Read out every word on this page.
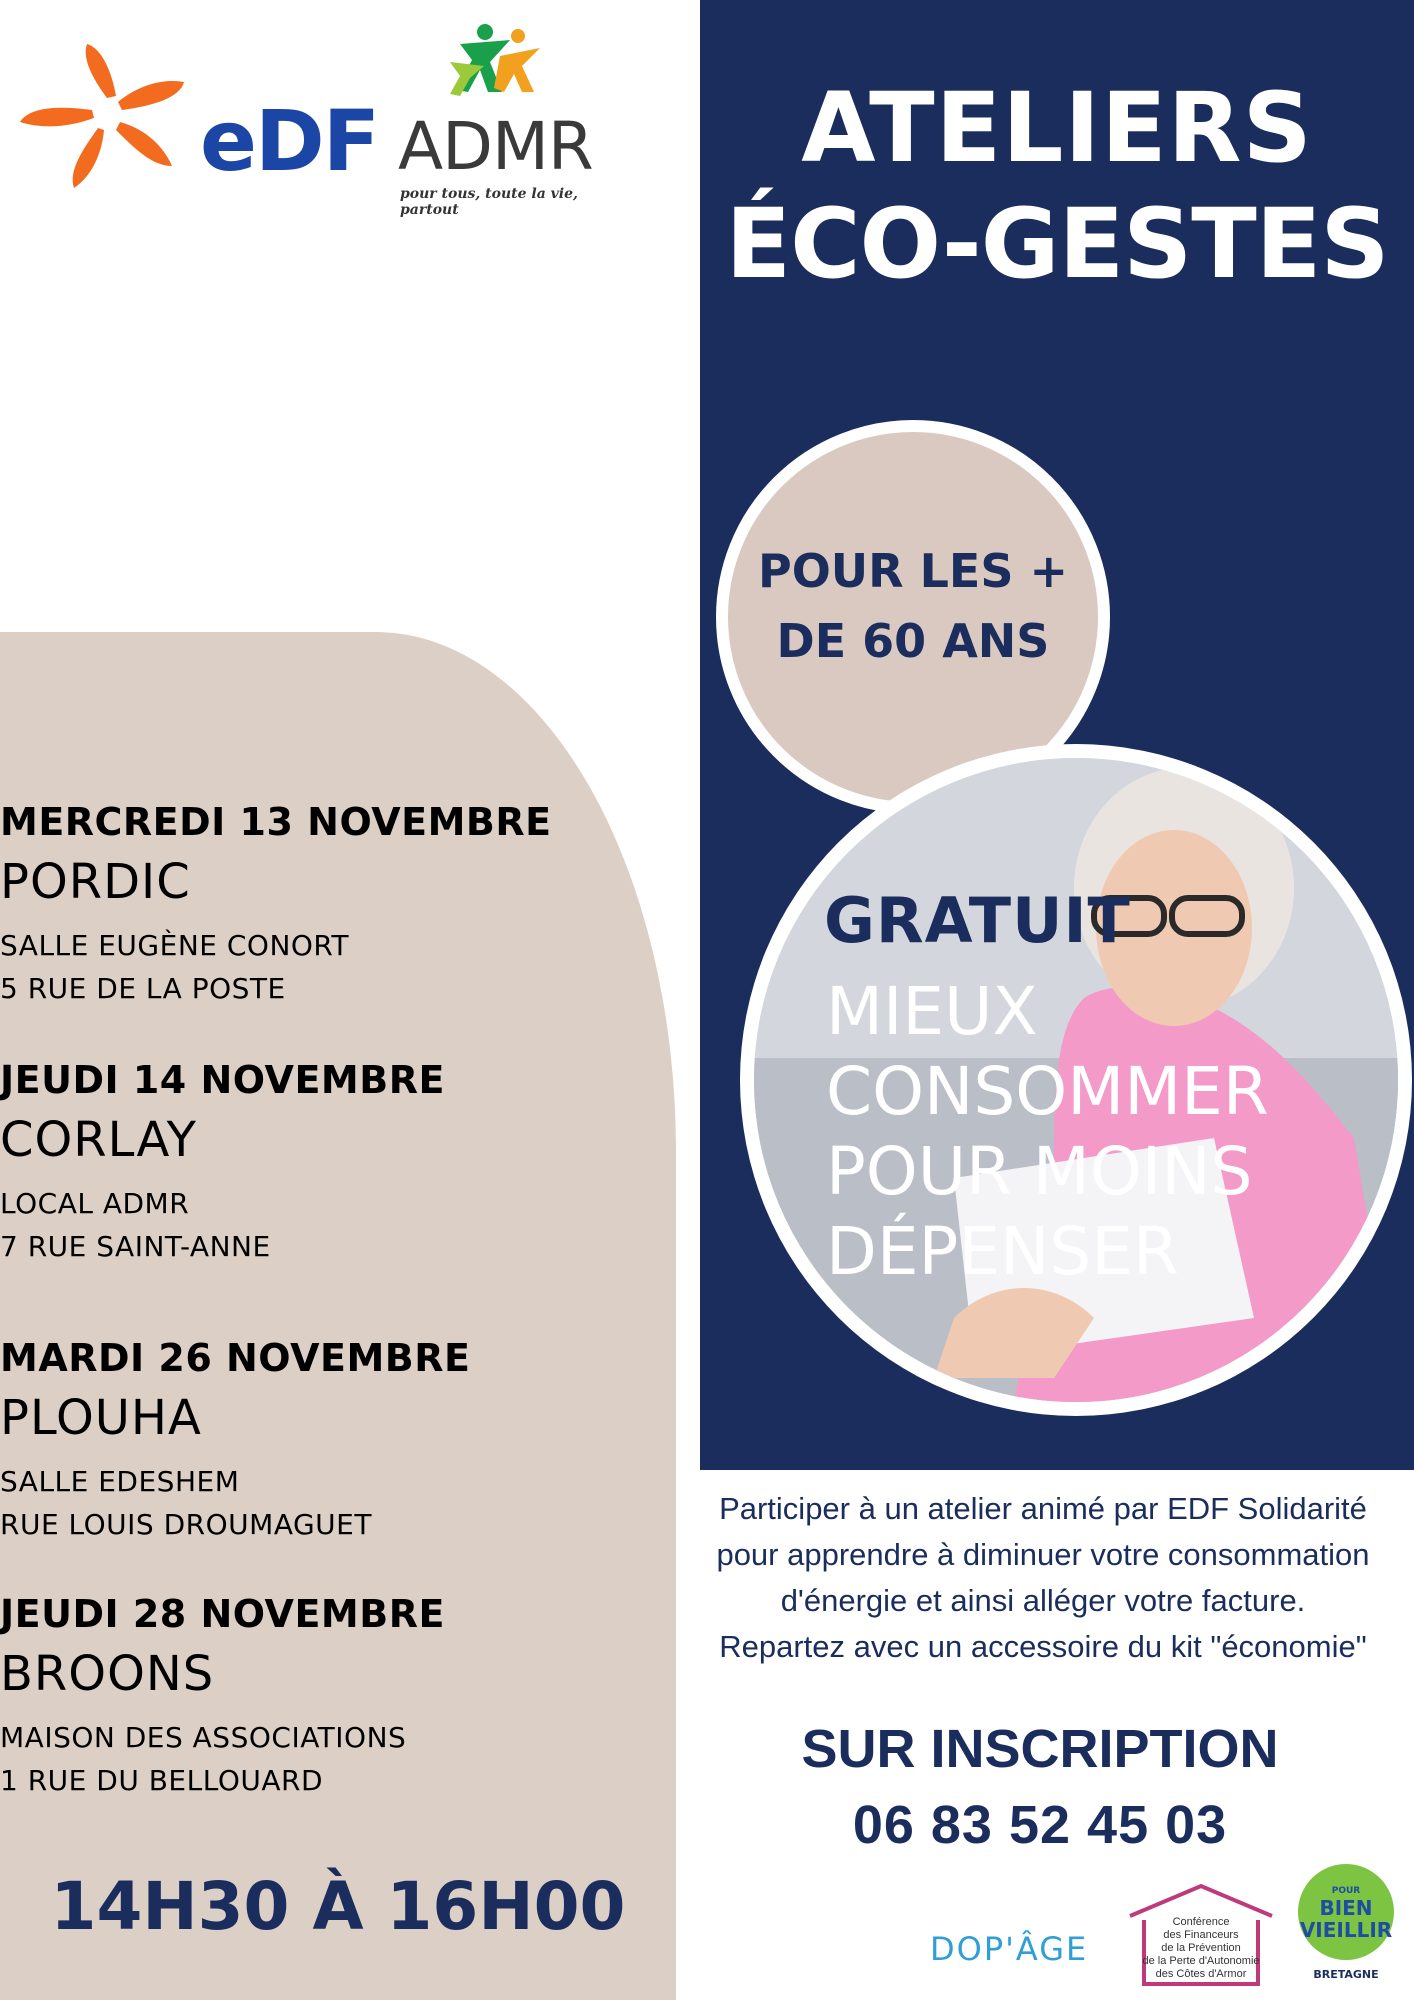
eDF ADMR
pour tous, toute la vie, partout
ATELIERS
ÉCO-GESTES
POUR LES +
DE 60 ANS
GRATUIT
MIEUX
CONSOMMER
POUR MOINS
DÉPENSER
MERCREDI 13 NOVEMBRE
PORDIC
SALLE EUGÈNE CONORT
5 RUE DE LA POSTE
JEUDI 14 NOVEMBRE
CORLAY
LOCAL ADMR
7 RUE SAINT-ANNE
MARDI 26 NOVEMBRE
PLOUHA
SALLE EDESHEM
RUE LOUIS DROUMAGUET
JEUDI 28 NOVEMBRE
BROONS
MAISON DES ASSOCIATIONS
1 RUE DU BELLOUARD
14H30 À 16H00
Participer à un atelier animé par EDF Solidarité
pour apprendre à diminuer votre consommation
d'énergie et ainsi alléger votre facture.
Repartez avec un accessoire du kit "économie"
SUR INSCRIPTION
06 83 52 45 03
DOP'ÂGE
Conférence
des Financeurs
de la Prévention
de la Perte d'Autonomie
des Côtes d'Armor
POUR
BIEN
VIEILLIR
BRETAGNE
